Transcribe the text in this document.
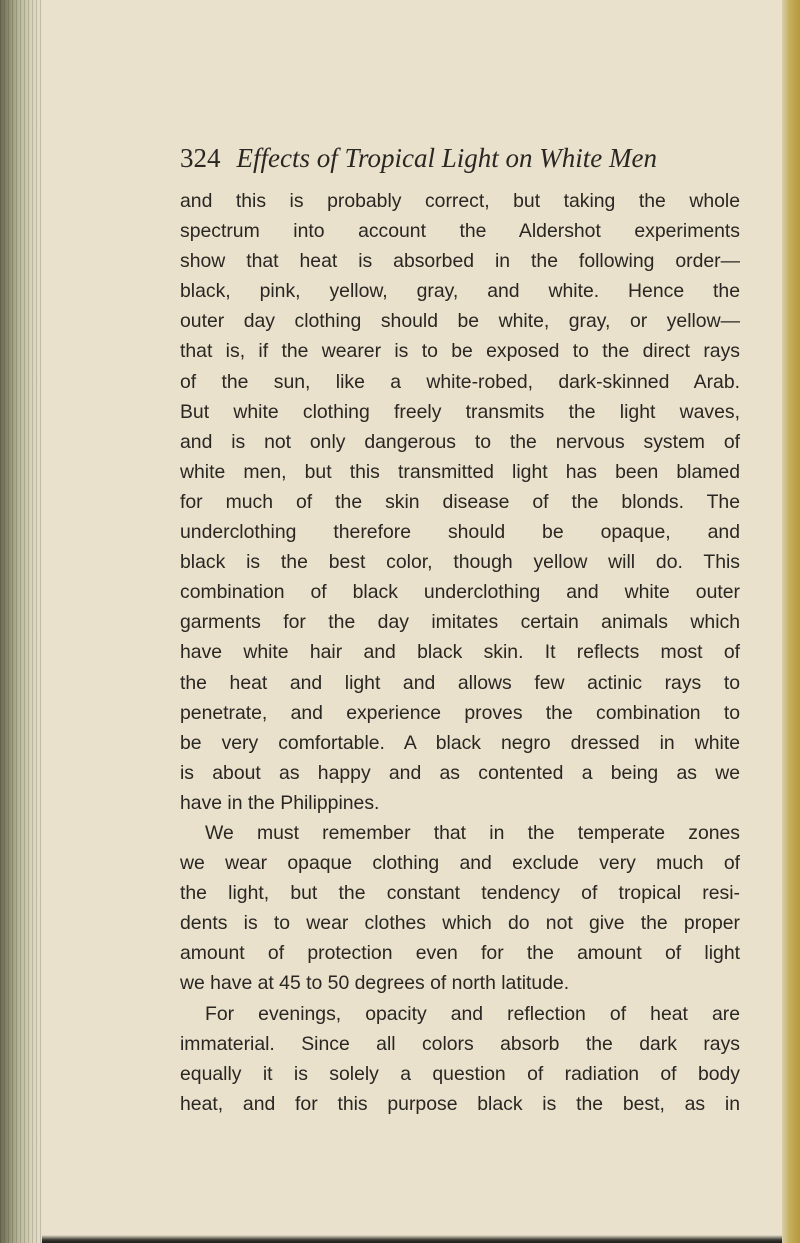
324 Effects of Tropical Light on White Men
and this is probably correct, but taking the whole
spectrum into account the Aldershot experiments
show that heat is absorbed in the following order—
black, pink, yellow, gray, and white. Hence the
outer day clothing should be white, gray, or yellow—
that is, if the wearer is to be exposed to the direct rays
of the sun, like a white-robed, dark-skinned Arab.
But white clothing freely transmits the light waves,
and is not only dangerous to the nervous system of
white men, but this transmitted light has been blamed
for much of the skin disease of the blonds. The
underclothing therefore should be opaque, and
black is the best color, though yellow will do. This
combination of black underclothing and white outer
garments for the day imitates certain animals which
have white hair and black skin. It reflects most of
the heat and light and allows few actinic rays to
penetrate, and experience proves the combination to
be very comfortable. A black negro dressed in white
is about as happy and as contented a being as we
have in the Philippines.
We must remember that in the temperate zones
we wear opaque clothing and exclude very much of
the light, but the constant tendency of tropical resi-
dents is to wear clothes which do not give the proper
amount of protection even for the amount of light
we have at 45 to 50 degrees of north latitude.
For evenings, opacity and reflection of heat are
immaterial. Since all colors absorb the dark rays
equally it is solely a question of radiation of body
heat, and for this purpose black is the best, as in
